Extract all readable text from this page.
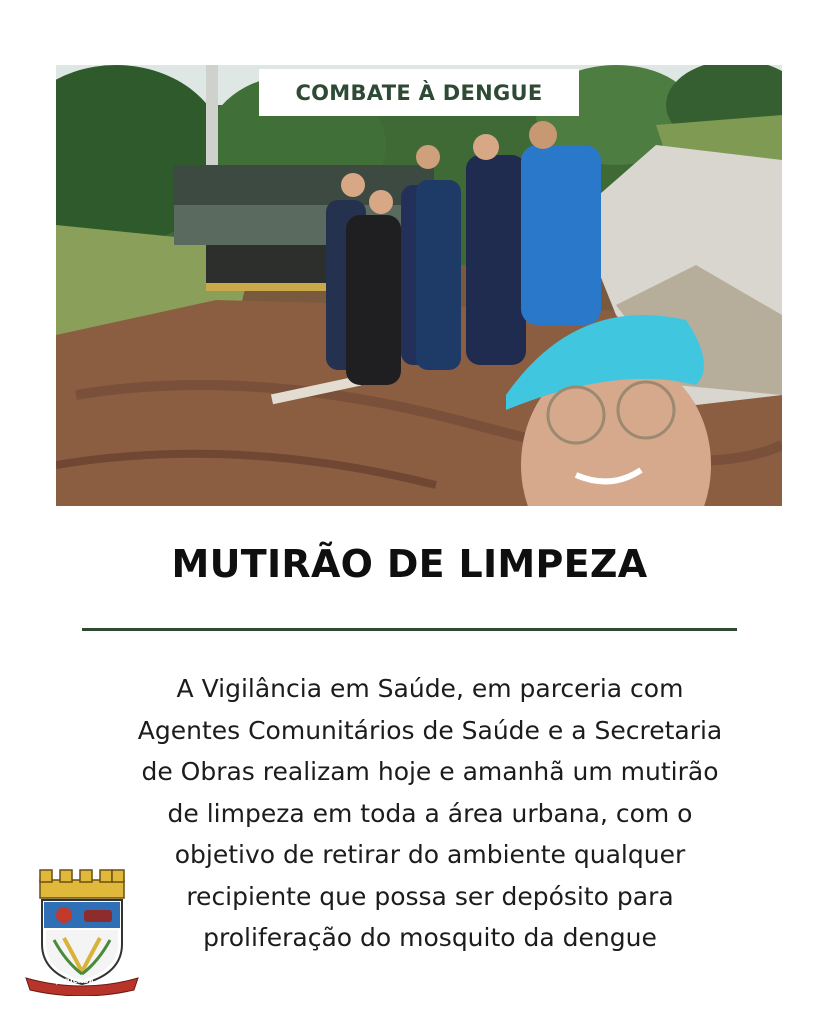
COMBATE À DENGUE
MUTIRÃO DE LIMPEZA
A Vigilância em Saúde, em parceria com
Agentes Comunitários de Saúde e a Secretaria
de Obras realizam hoje e amanhã um mutirão
de limpeza em toda a área urbana, com o
objetivo de retirar do ambiente qualquer
recipiente que possa ser depósito para
proliferação do mosquito da dengue
AJURICABA - RS
